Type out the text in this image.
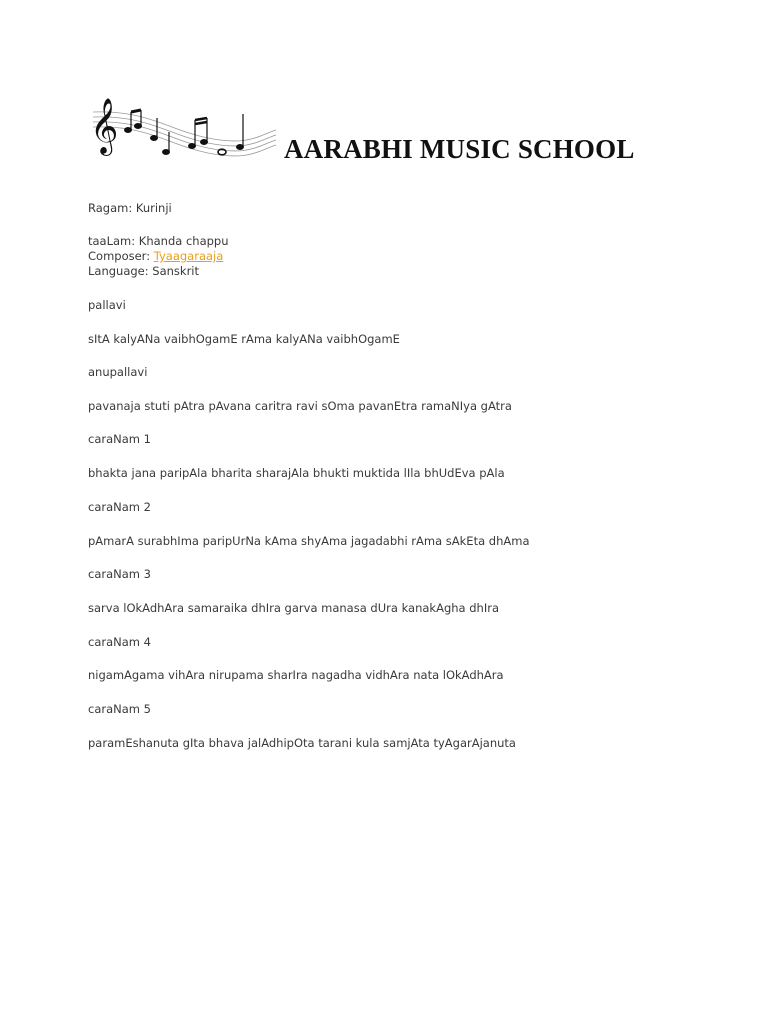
𝄞	AARABHI MUSIC SCHOOL
Ragam: Kurinji
taaLam: Khanda chappu
Composer: Tyaagaraaja
Language: Sanskrit
pallavi
sItA kalyANa vaibhOgamE rAma kalyANa vaibhOgamE
anupallavi
pavanaja stuti pAtra pAvana caritra ravi sOma pavanEtra ramaNIya gAtra
caraNam 1
bhakta jana paripAla bharita sharajAla bhukti muktida lIla bhUdEva pAla
caraNam 2
pAmarA surabhIma paripUrNa kAma shyAma jagadabhi rAma sAkEta dhAma
caraNam 3
sarva lOkAdhAra samaraika dhIra garva manasa dUra kanakAgha dhIra
caraNam 4
nigamAgama vihAra nirupama sharIra nagadha vidhAra nata lOkAdhAra
caraNam 5
paramEshanuta gIta bhava jalAdhipOta tarani kula samjAta tyAgarAjanuta
